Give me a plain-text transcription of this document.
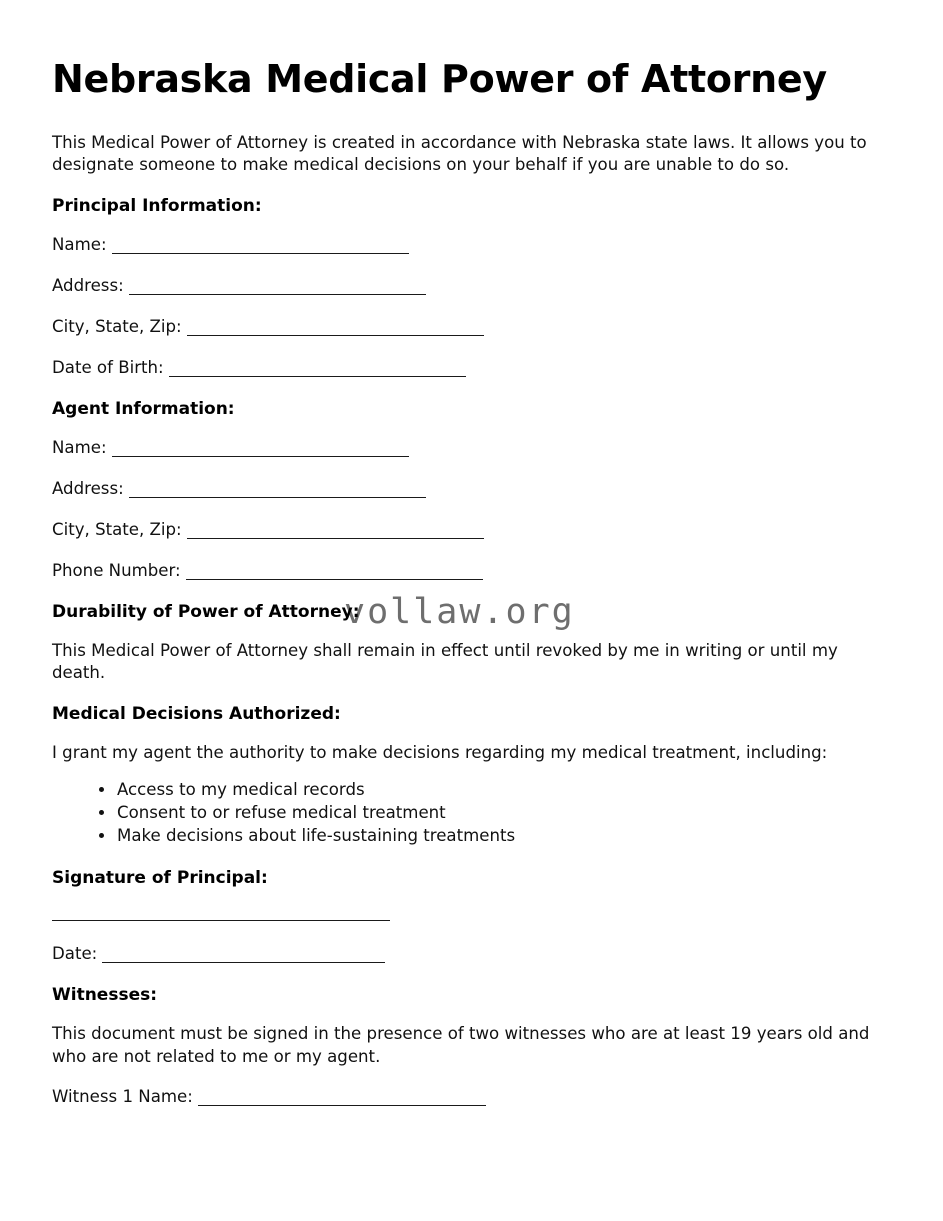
vollaw.org
Nebraska Medical Power of Attorney

This Medical Power of Attorney is created in accordance with Nebraska state laws. It allows you to designate someone to make medical decisions on your behalf if you are unable to do so.

Principal Information:
Name:
Address:
City, State, Zip:
Date of Birth:
Agent Information:
Name:
Address:
City, State, Zip:
Phone Number:
Durability of Power of Attorney:

This Medical Power of Attorney shall remain in effect until revoked by me in writing or until my death.

Medical Decisions Authorized:

I grant my agent the authority to make decisions regarding my medical treatment, including:

Access to my medical records
Consent to or refuse medical treatment
Make decisions about life-sustaining treatments
Signature of Principal:
Date:
Witnesses:

This document must be signed in the presence of two witnesses who are at least 19 years old and who are not related to me or my agent.

Witness 1 Name:
